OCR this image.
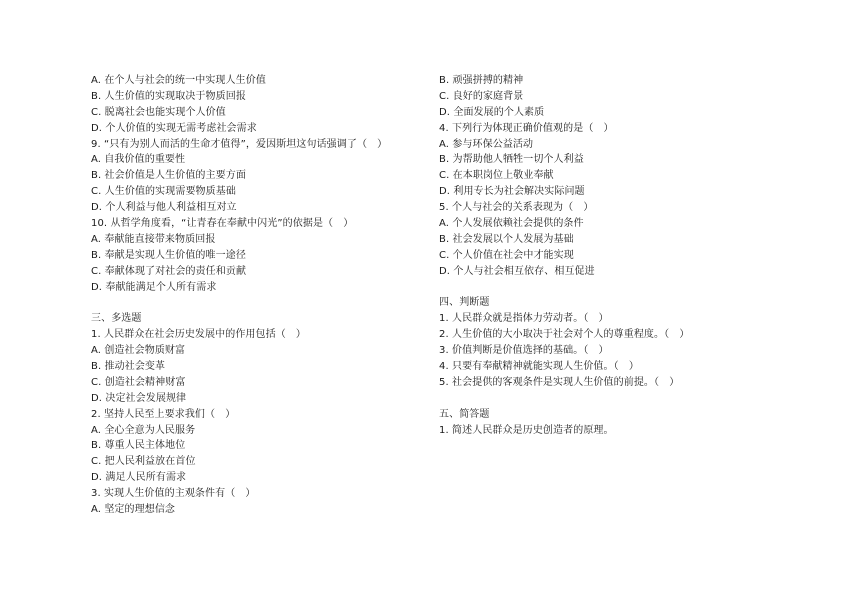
A. 在个人与社会的统一中实现人生价值
B. 人生价值的实现取决于物质回报
C. 脱离社会也能实现个人价值
D. 个人价值的实现无需考虑社会需求
9. “只有为别人而活的生命才值得”，爱因斯坦这句话强调了（　）
A. 自我价值的重要性
B. 社会价值是人生价值的主要方面
C. 人生价值的实现需要物质基础
D. 个人利益与他人利益相互对立
10. 从哲学角度看，“让青春在奉献中闪光”的依据是（　）
A. 奉献能直接带来物质回报
B. 奉献是实现人生价值的唯一途径
C. 奉献体现了对社会的责任和贡献
D. 奉献能满足个人所有需求
三、多选题
1. 人民群众在社会历史发展中的作用包括（　）
A. 创造社会物质财富
B. 推动社会变革
C. 创造社会精神财富
D. 决定社会发展规律
2. 坚持人民至上要求我们（　）
A. 全心全意为人民服务
B. 尊重人民主体地位
C. 把人民利益放在首位
D. 满足人民所有需求
3. 实现人生价值的主观条件有（　）
A. 坚定的理想信念
B. 顽强拼搏的精神
C. 良好的家庭背景
D. 全面发展的个人素质
4. 下列行为体现正确价值观的是（　）
A. 参与环保公益活动
B. 为帮助他人牺牲一切个人利益
C. 在本职岗位上敬业奉献
D. 利用专长为社会解决实际问题
5. 个人与社会的关系表现为（　）
A. 个人发展依赖社会提供的条件
B. 社会发展以个人发展为基础
C. 个人价值在社会中才能实现
D. 个人与社会相互依存、相互促进
四、判断题
1. 人民群众就是指体力劳动者。（　）
2. 人生价值的大小取决于社会对个人的尊重程度。（　）
3. 价值判断是价值选择的基础。（　）
4. 只要有奉献精神就能实现人生价值。（　）
5. 社会提供的客观条件是实现人生价值的前提。（　）
五、简答题
1. 简述人民群众是历史创造者的原理。
